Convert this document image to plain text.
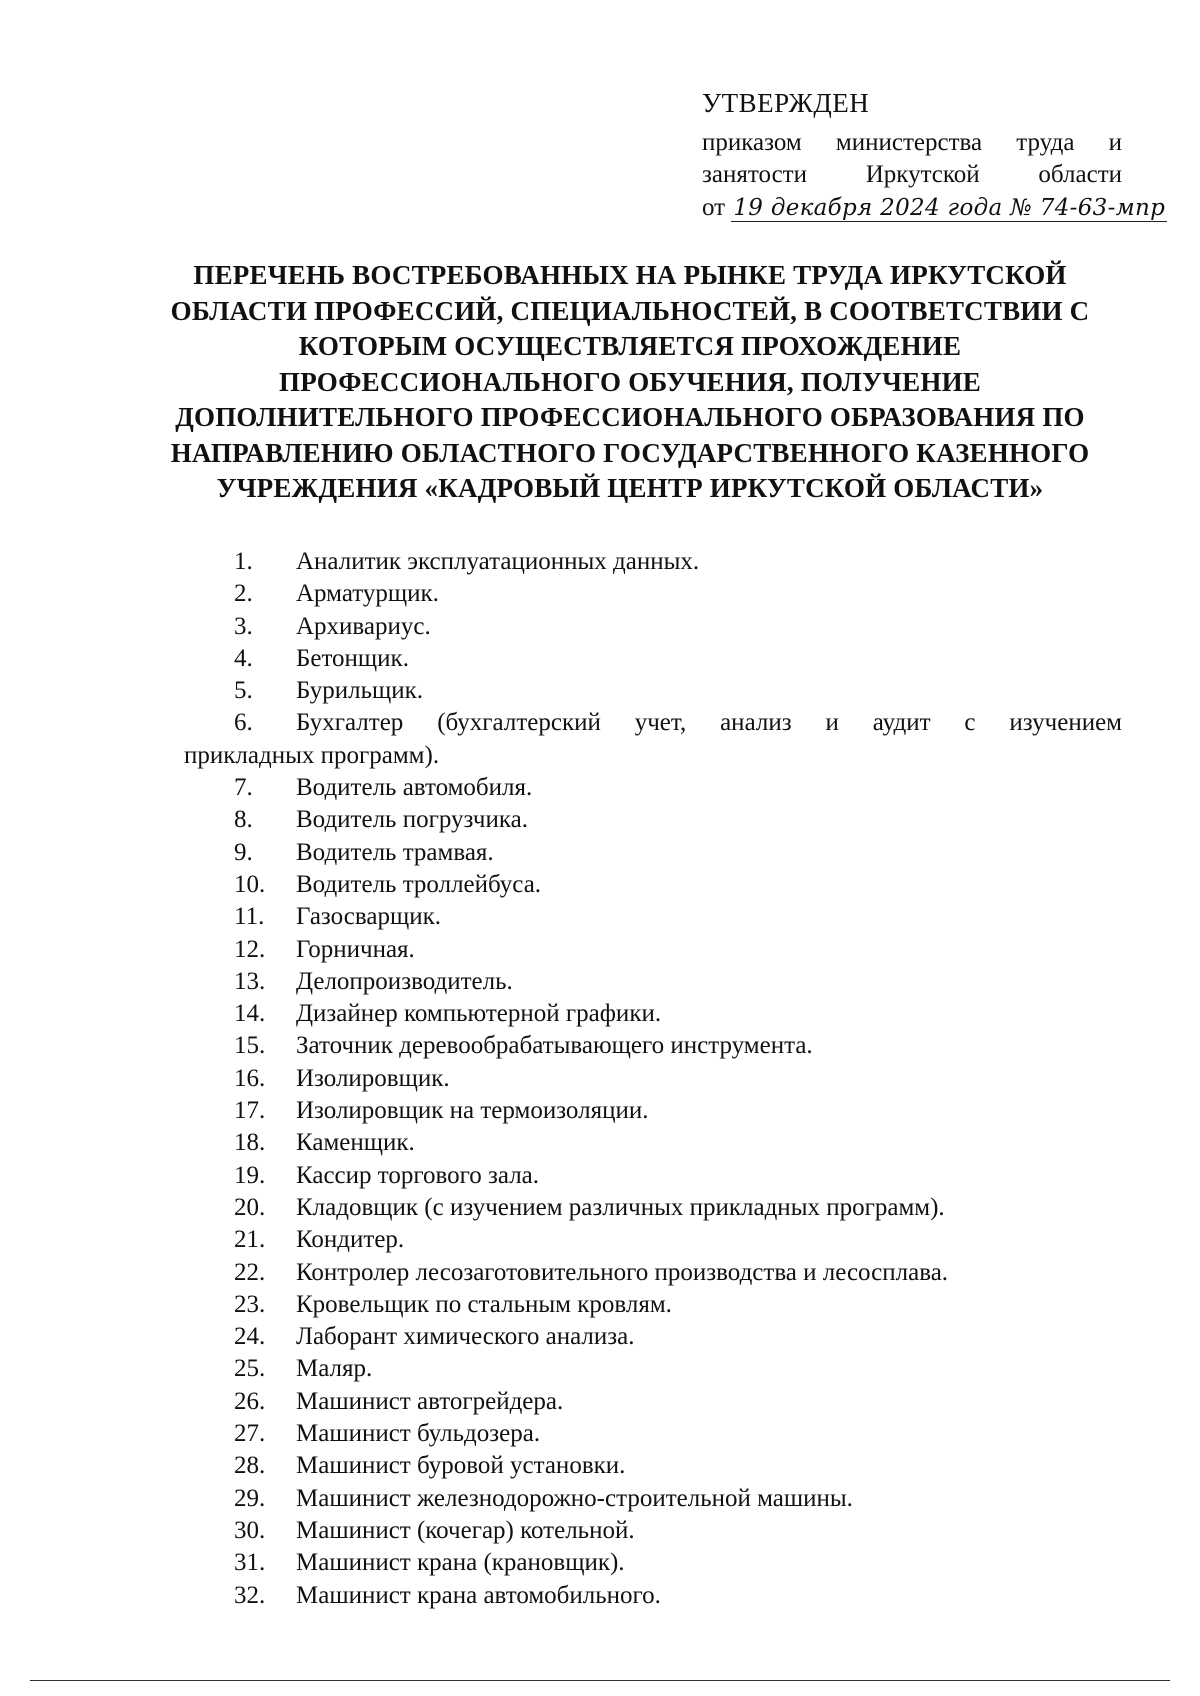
УТВЕРЖДЕН
приказом министерства труда и
занятости Иркутской области
от 19 декабря 2024 года № 74-63-мпр
ПЕРЕЧЕНЬ ВОСТРЕБОВАННЫХ НА РЫНКЕ ТРУДА ИРКУТСКОЙ ОБЛАСТИ ПРОФЕССИЙ, СПЕЦИАЛЬНОСТЕЙ, В СООТВЕТСТВИИ С КОТОРЫМ ОСУЩЕСТВЛЯЕТСЯ ПРОХОЖДЕНИЕ ПРОФЕССИОНАЛЬНОГО ОБУЧЕНИЯ, ПОЛУЧЕНИЕ ДОПОЛНИТЕЛЬНОГО ПРОФЕССИОНАЛЬНОГО ОБРАЗОВАНИЯ ПО НАПРАВЛЕНИЮ ОБЛАСТНОГО ГОСУДАРСТВЕННОГО КАЗЕННОГО УЧРЕЖДЕНИЯ «КАДРОВЫЙ ЦЕНТР ИРКУТСКОЙ ОБЛАСТИ»
1.	Аналитик эксплуатационных данных.
2.	Арматурщик.
3.	Архивариус.
4.	Бетонщик.
5.	Бурильщик.
6.	Бухгалтер (бухгалтерский учет, анализ и аудит с изучением
прикладных программ).
7.	Водитель автомобиля.
8.	Водитель погрузчика.
9.	Водитель трамвая.
10.	Водитель троллейбуса.
11.	Газосварщик.
12.	Горничная.
13.	Делопроизводитель.
14.	Дизайнер компьютерной графики.
15.	Заточник деревообрабатывающего инструмента.
16.	Изолировщик.
17.	Изолировщик на термоизоляции.
18.	Каменщик.
19.	Кассир торгового зала.
20.	Кладовщик (с изучением различных прикладных программ).
21.	Кондитер.
22.	Контролер лесозаготовительного производства и лесосплава.
23.	Кровельщик по стальным кровлям.
24.	Лаборант химического анализа.
25.	Маляр.
26.	Машинист автогрейдера.
27.	Машинист бульдозера.
28.	Машинист буровой установки.
29.	Машинист железнодорожно-строительной машины.
30.	Машинист (кочегар) котельной.
31.	Машинист крана (крановщик).
32.	Машинист крана автомобильного.
